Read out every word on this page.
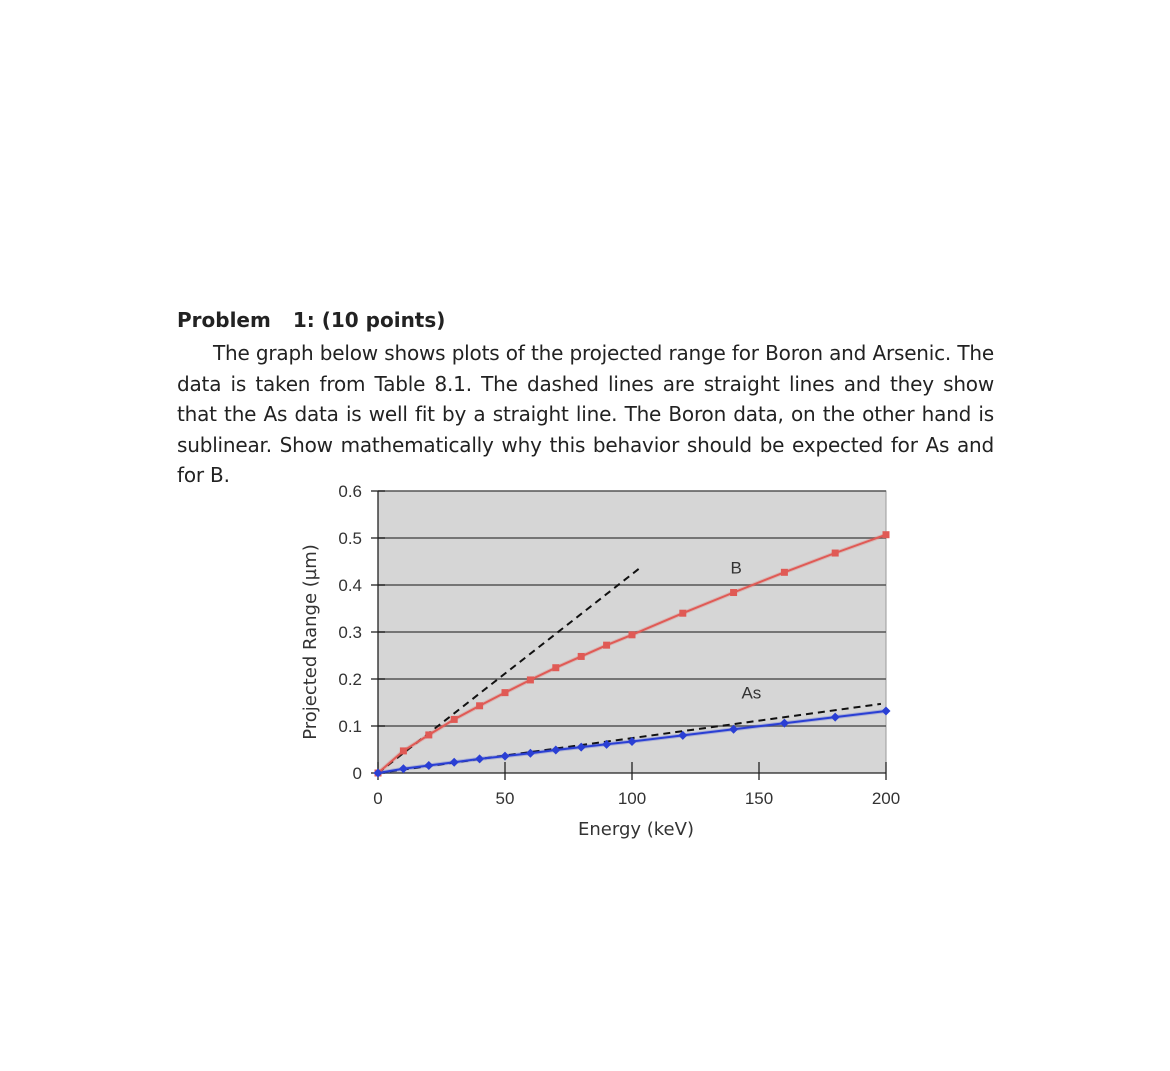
Problem 1: (10 points)

The graph below shows plots of the projected range for Boron and Arsenic. The data is taken from Table 8.1. The dashed lines are straight lines and they show that the As data is well fit by a straight line. The Boron data, on the other hand is sublinear. Show mathematically why this behavior should be expected for As and for B.

0
0.1
0.2
0.3
0.4
0.5
0.6
0	50	100	150	200
Projected Range (µm)
Energy (keV)
B
As
